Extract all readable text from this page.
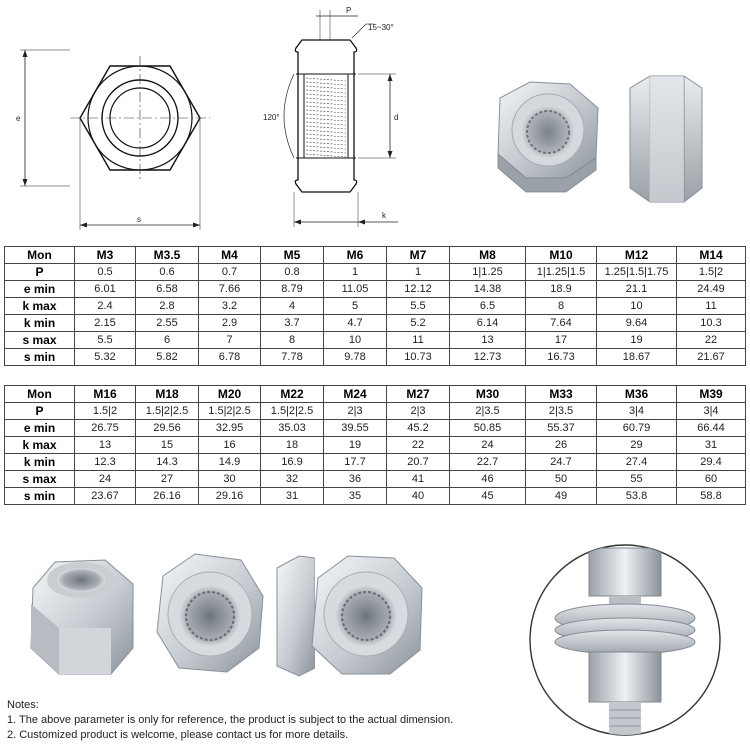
e
s
P
15~30°
120°	d
k
Mon	M3	M3.5	M4	M5	M6	M7	M8	M10	M12	M14
P	0.5	0.6	0.7	0.8	1	1	1|1.25	1|1.25|1.5	1.25|1.5|1.75	1.5|2
e min	6.01	6.58	7.66	8.79	11.05	12.12	14.38	18.9	21.1	24.49
k max	2.4	2.8	3.2	4	5	5.5	6.5	8	10	11
k min	2.15	2.55	2.9	3.7	4.7	5.2	6.14	7.64	9.64	10.3
s max	5.5	6	7	8	10	11	13	17	19	22
s min	5.32	5.82	6.78	7.78	9.78	10.73	12.73	16.73	18.67	21.67
Mon	M16	M18	M20	M22	M24	M27	M30	M33	M36	M39
P	1.5|2	1.5|2|2.5	1.5|2|2.5	1.5|2|2.5	2|3	2|3	2|3.5	2|3.5	3|4	3|4
e min	26.75	29.56	32.95	35.03	39.55	45.2	50.85	55.37	60.79	66.44
k max	13	15	16	18	19	22	24	26	29	31
k min	12.3	14.3	14.9	16.9	17.7	20.7	22.7	24.7	27.4	29.4
s max	24	27	30	32	36	41	46	50	55	60
s min	23.67	26.16	29.16	31	35	40	45	49	53.8	58.8
Notes:
1. The above parameter is only for reference, the product is subject to the actual dimension.
2. Customized product is welcome, please contact us for more details.
